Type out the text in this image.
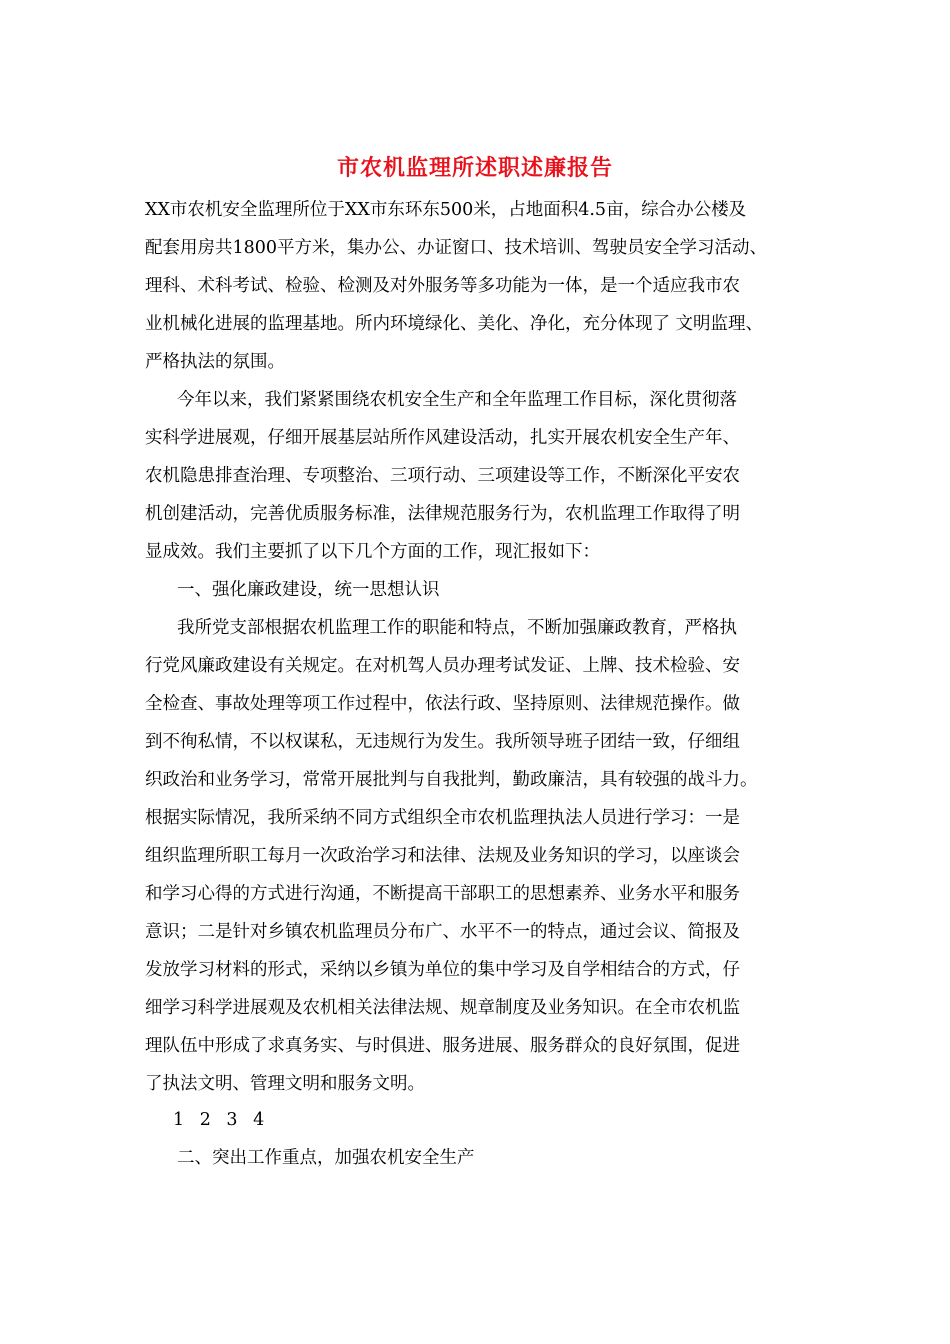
市农机监理所述职述廉报告
XX市农机安全监理所位于XX市东环东500米，占地面积4.5亩，综合办公楼及
配套用房共1800平方米，集办公、办证窗口、技术培训、驾驶员安全学习活动、
理科、术科考试、检验、检测及对外服务等多功能为一体，是一个适应我市农
业机械化进展的监理基地。所内环境绿化、美化、净化，充分体现了 文明监理、
严格执法的氛围。
今年以来，我们紧紧围绕农机安全生产和全年监理工作目标，深化贯彻落
实科学进展观，仔细开展基层站所作风建设活动，扎实开展农机安全生产年、
农机隐患排查治理、专项整治、三项行动、三项建设等工作，不断深化平安农
机创建活动，完善优质服务标准，法律规范服务行为，农机监理工作取得了明
显成效。我们主要抓了以下几个方面的工作，现汇报如下：
一、强化廉政建设，统一思想认识
我所党支部根据农机监理工作的职能和特点，不断加强廉政教育，严格执
行党风廉政建设有关规定。在对机驾人员办理考试发证、上牌、技术检验、安
全检查、事故处理等项工作过程中，依法行政、坚持原则、法律规范操作。做
到不徇私情，不以权谋私，无违规行为发生。我所领导班子团结一致，仔细组
织政治和业务学习，常常开展批判与自我批判，勤政廉洁，具有较强的战斗力。
根据实际情况，我所采纳不同方式组织全市农机监理执法人员进行学习：一是
组织监理所职工每月一次政治学习和法律、法规及业务知识的学习，以座谈会
和学习心得的方式进行沟通，不断提高干部职工的思想素养、业务水平和服务
意识；二是针对乡镇农机监理员分布广、水平不一的特点，通过会议、简报及
发放学习材料的形式，采纳以乡镇为单位的集中学习及自学相结合的方式，仔
细学习科学进展观及农机相关法律法规、规章制度及业务知识。在全市农机监
理队伍中形成了求真务实、与时俱进、服务进展、服务群众的良好氛围，促进
了执法文明、管理文明和服务文明。
1 2 3 4
二、突出工作重点，加强农机安全生产
